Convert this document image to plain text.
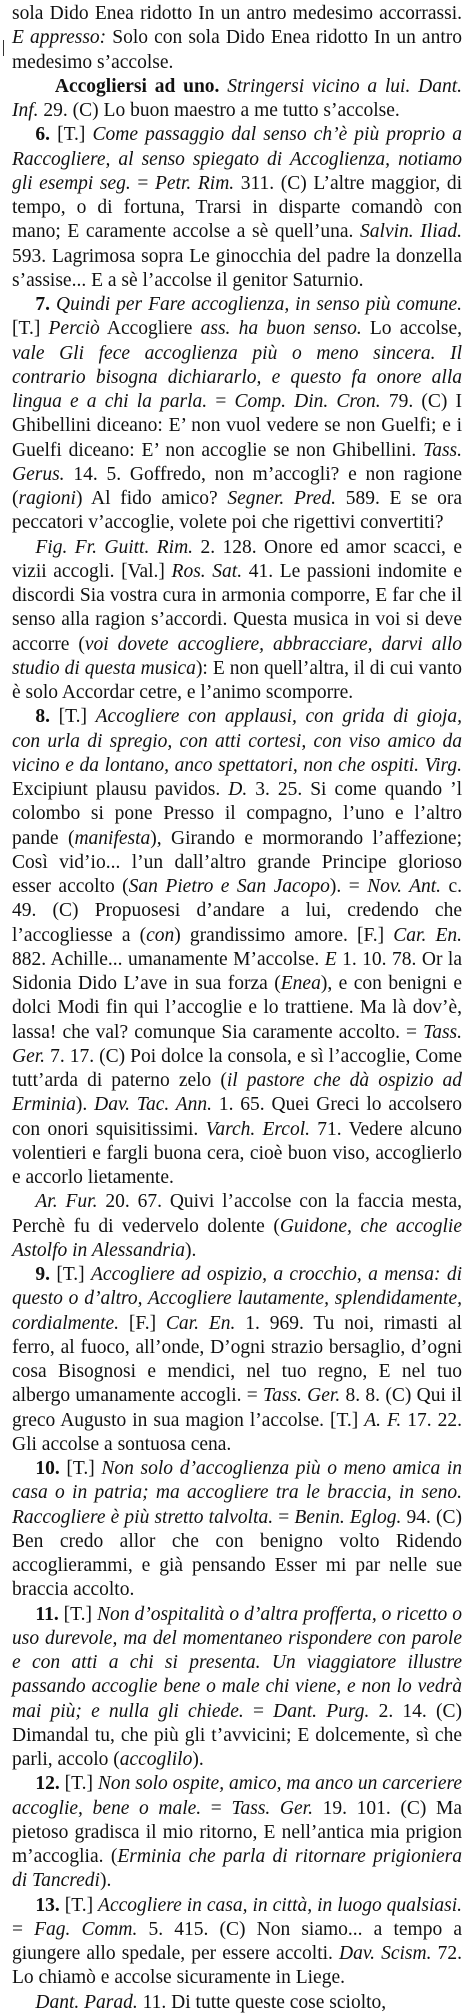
sola Dido Enea ridotto In un antro medesimo accorrassi. E appresso: Solo con sola Dido Enea ridotto In un antro medesimo s’accolse.

Accogliersi ad uno. Stringersi vicino a lui. Dant. Inf. 29. (C) Lo buon maestro a me tutto s’accolse.

6. [T.] Come passaggio dal senso ch’è più proprio a Raccogliere, al senso spiegato di Accoglienza, notiamo gli esempi seg. = Petr. Rim. 311. (C) L’altre maggior, di tempo, o di fortuna, Trarsi in disparte comandò con mano; E caramente accolse a sè quell’una. Salvin. Iliad. 593. Lagrimosa sopra Le ginocchia del padre la donzella s’assise... E a sè l’accolse il genitor Saturnio.

7. Quindi per Fare accoglienza, in senso più comune. [T.] Perciò Accogliere ass. ha buon senso. Lo accolse, vale Gli fece accoglienza più o meno sincera. Il contrario bisogna dichiararlo, e questo fa onore alla lingua e a chi la parla. = Comp. Din. Cron. 79. (C) I Ghibellini diceano: E’ non vuol vedere se non Guelfi; e i Guelfi diceano: E’ non accoglie se non Ghibellini. Tass. Gerus. 14. 5. Goffredo, non m’accogli? e non ragione (ragioni) Al fido amico? Segner. Pred. 589. E se ora peccatori v’accoglie, volete poi che rigettivi convertiti?

Fig. Fr. Guitt. Rim. 2. 128. Onore ed amor scacci, e vizii accogli. [Val.] Ros. Sat. 41. Le passioni indomite e discordi Sia vostra cura in armonia comporre, E far che il senso alla ragion s’accordi. Questa musica in voi si deve accorre (voi dovete accogliere, abbracciare, darvi allo studio di questa musica): E non quell’altra, il di cui vanto è solo Accordar cetre, e l’animo scomporre.

8. [T.] Accogliere con applausi, con grida di gioja, con urla di spregio, con atti cortesi, con viso amico da vicino e da lontano, anco spettatori, non che ospiti. Virg. Excipiunt plausu pavidos. D. 3. 25. Si come quando ’l colombo si pone Presso il compagno, l’uno e l’altro pande (manifesta), Girando e mormorando l’affezione; Così vid’io... l’un dall’altro grande Principe glorioso esser accolto (San Pietro e San Jacopo). = Nov. Ant. c. 49. (C) Propuosesi d’andare a lui, credendo che l’accogliesse a (con) grandissimo amore. [F.] Car. En. 882. Achille... umanamente M’accolse. E 1. 10. 78. Or la Sidonia Dido L’ave in sua forza (Enea), e con benigni e dolci Modi fin qui l’accoglie e lo trattiene. Ma là dov’è, lassa! che val? comunque Sia caramente accolto. = Tass. Ger. 7. 17. (C) Poi dolce la consola, e sì l’accoglie, Come tutt’arda di paterno zelo (il pastore che dà ospizio ad Erminia). Dav. Tac. Ann. 1. 65. Quei Greci lo accolsero con onori squisitissimi. Varch. Ercol. 71. Vedere alcuno volentieri e fargli buona cera, cioè buon viso, accoglierlo e accorlo lietamente.

Ar. Fur. 20. 67. Quivi l’accolse con la faccia mesta, Perchè fu di vedervelo dolente (Guidone, che accoglie Astolfo in Alessandria).

9. [T.] Accogliere ad ospizio, a crocchio, a mensa: di questo o d’altro, Accogliere lautamente, splendidamente, cordialmente. [F.] Car. En. 1. 969. Tu noi, rimasti al ferro, al fuoco, all’onde, D’ogni strazio bersaglio, d’ogni cosa Bisognosi e mendici, nel tuo regno, E nel tuo albergo umanamente accogli. = Tass. Ger. 8. 8. (C) Qui il greco Augusto in sua magion l’accolse. [T.] A. F. 17. 22. Gli accolse a sontuosa cena.

10. [T.] Non solo d’accoglienza più o meno amica in casa o in patria; ma accogliere tra le braccia, in seno. Raccogliere è più stretto talvolta. = Benin. Eglog. 94. (C) Ben credo allor che con benigno volto Ridendo accoglierammi, e già pensando Esser mi par nelle sue braccia accolto.

11. [T.] Non d’ospitalità o d’altra profferta, o ricetto o uso durevole, ma del momentaneo rispondere con parole e con atti a chi si presenta. Un viaggiatore illustre passando accoglie bene o male chi viene, e non lo vedrà mai più; e nulla gli chiede. = Dant. Purg. 2. 14. (C) Dimandal tu, che più gli t’avvicini; E dolcemente, sì che parli, accolo (accoglilo).

12. [T.] Non solo ospite, amico, ma anco un carceriere accoglie, bene o male. = Tass. Ger. 19. 101. (C) Ma pietoso gradisca il mio ritorno, E nell’antica mia prigion m’accoglia. (Erminia che parla di ritornare prigioniera di Tancredi).

13. [T.] Accogliere in casa, in città, in luogo qualsiasi. = Fag. Comm. 5. 415. (C) Non siamo... a tempo a giungere allo spedale, per essere accolti. Dav. Scism. 72. Lo chiamò e accolse sicuramente in Liege.

Dant. Parad. 11. Di tutte queste cose sciolto,
